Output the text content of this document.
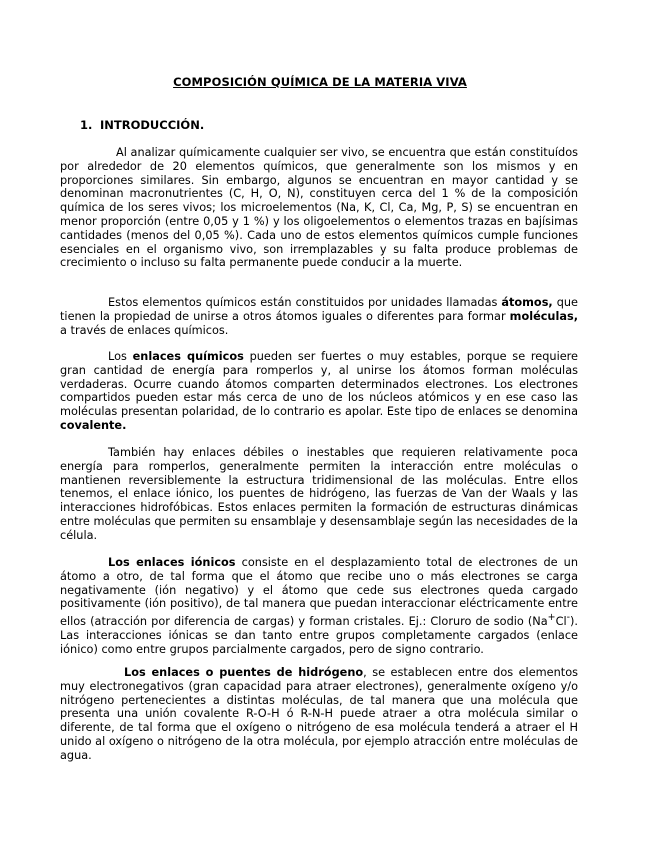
COMPOSICIÓN QUÍMICA DE LA MATERIA VIVA
1. INTRODUCCIÓN.

Al analizar químicamente cualquier ser vivo, se encuentra que están constituídos por alrededor de 20 elementos químicos, que generalmente son los mismos y en proporciones similares. Sin embargo, algunos se encuentran en mayor cantidad y se denominan macronutrientes (C, H, O, N), constituyen cerca del 1 % de la composición química de los seres vivos; los microelementos (Na, K, Cl, Ca, Mg, P, S) se encuentran en menor proporción (entre 0,05 y 1 %) y los oligoelementos o elementos trazas en bajísimas cantidades (menos del 0,05 %). Cada uno de estos elementos químicos cumple funciones esenciales en el organismo vivo, son irremplazables y su falta produce problemas de crecimiento o incluso su falta permanente puede conducir a la muerte.

Estos elementos químicos están constituidos por unidades llamadas átomos, que tienen la propiedad de unirse a otros átomos iguales o diferentes para formar moléculas, a través de enlaces químicos.

Los enlaces químicos pueden ser fuertes o muy estables, porque se requiere gran cantidad de energía para romperlos y, al unirse los átomos forman moléculas verdaderas. Ocurre cuando átomos comparten determinados electrones. Los electrones compartidos pueden estar más cerca de uno de los núcleos atómicos y en ese caso las moléculas presentan polaridad, de lo contrario es apolar. Este tipo de enlaces se denomina covalente.

También hay enlaces débiles o inestables que requieren relativamente poca energía para romperlos, generalmente permiten la interacción entre moléculas o mantienen reversiblemente la estructura tridimensional de las moléculas. Entre ellos tenemos, el enlace iónico, los puentes de hidrógeno, las fuerzas de Van der Waals y las interacciones hidrofóbicas. Estos enlaces permiten la formación de estructuras dinámicas entre moléculas que permiten su ensamblaje y desensamblaje según las necesidades de la célula.

Los enlaces iónicos consiste en el desplazamiento total de electrones de un átomo a otro, de tal forma que el átomo que recibe uno o más electrones se carga negativamente (ión negativo) y el átomo que cede sus electrones queda cargado positivamente (ión positivo), de tal manera que puedan interaccionar eléctricamente entre ellos (atracción por diferencia de cargas) y forman cristales. Ej.: Cloruro de sodio (Na+Cl-). Las interacciones iónicas se dan tanto entre grupos completamente cargados (enlace iónico) como entre grupos parcialmente cargados, pero de signo contrario.

Los enlaces o puentes de hidrógeno, se establecen entre dos elementos muy electronegativos (gran capacidad para atraer electrones), generalmente oxígeno y/o nitrógeno pertenecientes a distintas moléculas, de tal manera que una molécula que presenta una unión covalente R-O-H ó R-N-H puede atraer a otra molécula similar o diferente, de tal forma que el oxígeno o nitrógeno de esa molécula tenderá a atraer el H unido al oxígeno o nitrógeno de la otra molécula, por ejemplo atracción entre moléculas de agua.
